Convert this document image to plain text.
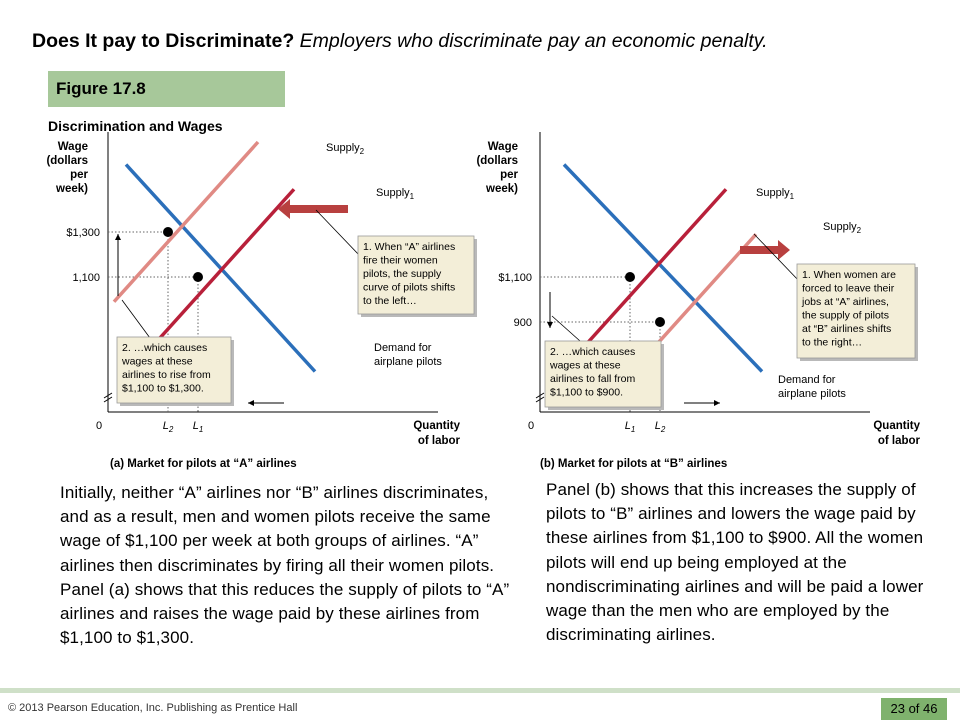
Does It pay to Discriminate? Employers who discriminate pay an economic penalty.
Figure 17.8
Discrimination and Wages
Wage
(dollars
per
week)
Quantity
of labor
0
$1,300
1,100
$L_2$ $L_1$
Supply$_1$
Supply$_2$
Demand for
airplane pilots
1. When “A” airlines
fire their women
pilots, the supply
curve of pilots shifts
to the left…
2. …which causes
wages at these
airlines to rise from
$1,100 to $1,300.
(a) Market for pilots at “A” airlines
Wage
(dollars
per
week)
Quantity
of labor
0
$1,100
900
$L_1$ $L_2$
Supply$_1$
Supply$_2$
Demand for
airplane pilots
1. When women are
forced to leave their
jobs at “A” airlines,
the supply of pilots
at “B” airlines shifts
to the right…
2. …which causes
wages at these
airlines to fall from
$1,100 to $900.
(b) Market for pilots at “B” airlines
Initially, neither “A” airlines nor “B” airlines discriminates, and as a result, men and women pilots receive the same wage of $1,100 per week at both groups of airlines. “A” airlines then discriminates by firing all their women pilots. Panel (a) shows that this reduces the supply of pilots to “A” airlines and raises the wage paid by these airlines from $1,100 to $1,300.
Panel (b) shows that this increases the supply of pilots to “B” airlines and lowers the wage paid by these airlines from $1,100 to $900. All the women pilots will end up being employed at the nondiscriminating airlines and will be paid a lower wage than the men who are employed by the discriminating airlines.
© 2013 Pearson Education, Inc. Publishing as Prentice Hall	23 of 46
